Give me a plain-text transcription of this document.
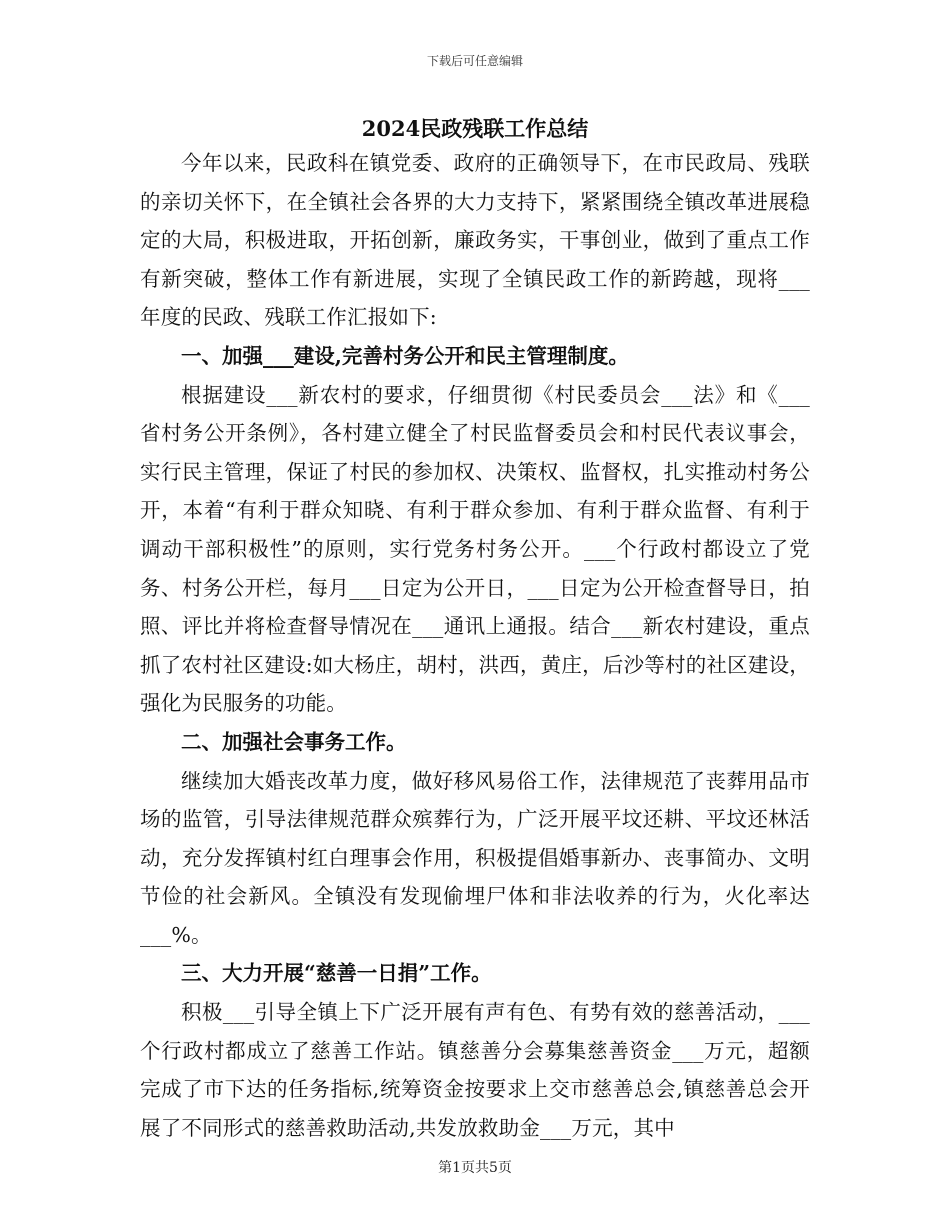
下载后可任意编辑
2024民政残联工作总结

今年以来，民政科在镇党委、政府的正确领导下，在市民政局、残联的亲切关怀下，在全镇社会各界的大力支持下，紧紧围绕全镇改革进展稳定的大局，积极进取，开拓创新，廉政务实，干事创业，做到了重点工作有新突破，整体工作有新进展，实现了全镇民政工作的新跨越，现将___年度的民政、残联工作汇报如下:

一、加强___建设,完善村务公开和民主管理制度。

根据建设___新农村的要求，仔细贯彻《村民委员会___法》和《___省村务公开条例》，各村建立健全了村民监督委员会和村民代表议事会，实行民主管理，保证了村民的参加权、决策权、监督权，扎实推动村务公开，本着“有利于群众知晓、有利于群众参加、有利于群众监督、有利于调动干部积极性”的原则，实行党务村务公开。___个行政村都设立了党务、村务公开栏，每月___日定为公开日，___日定为公开检查督导日，拍照、评比并将检查督导情况在___通讯上通报。结合___新农村建设，重点抓了农村社区建设:如大杨庄，胡村，洪西，黄庄，后沙等村的社区建设，强化为民服务的功能。

二、加强社会事务工作。

继续加大婚丧改革力度，做好移风易俗工作，法律规范了丧葬用品市场的监管，引导法律规范群众殡葬行为，广泛开展平坟还耕、平坟还林活动，充分发挥镇村红白理事会作用，积极提倡婚事新办、丧事简办、文明节俭的社会新风。全镇没有发现偷埋尸体和非法收养的行为，火化率达___%。

三、大力开展“慈善一日捐”工作。

积极___引导全镇上下广泛开展有声有色、有势有效的慈善活动，___个行政村都成立了慈善工作站。镇慈善分会募集慈善资金___万元，超额完成了市下达的任务指标,统筹资金按要求上交市慈善总会,镇慈善总会开展了不同形式的慈善救助活动,共发放救助金___万元，其中

第1页共5页
